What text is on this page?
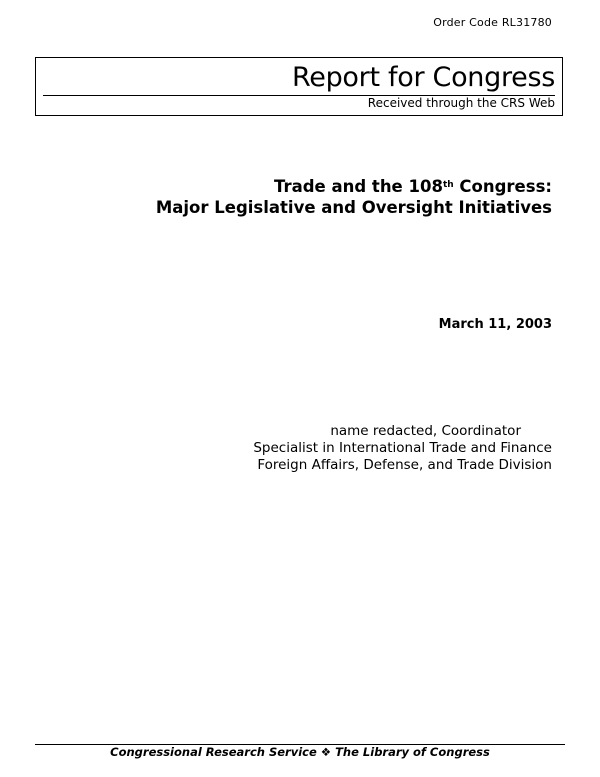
Order Code RL31780
Report for Congress
Received through the CRS Web
Trade and the 108th Congress:
Major Legislative and Oversight Initiatives
March 11, 2003
name redacted, Coordinator
Specialist in International Trade and Finance
Foreign Affairs, Defense, and Trade Division
Congressional Research Service ❖ The Library of Congress
